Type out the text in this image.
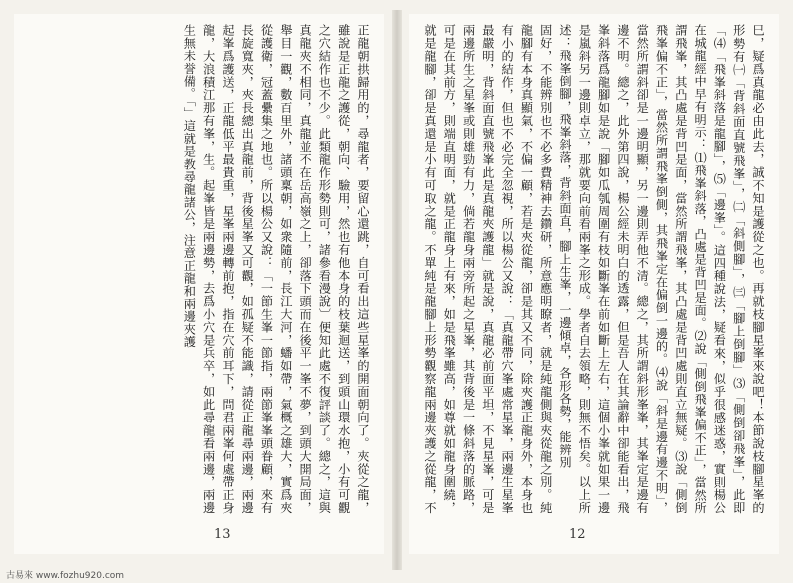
正龍朝拱歸用的，尋龍者，要留心還跳，自可看出這些星峯的開面朝向了。夾從之龍，雖說是正龍之護從，朝向、驗用，然也有他本身的枝葉迴送，到頭山環水抱，小有可觀之穴結作也不少。此類龍作形勢則可，諸參看漫說〕便知此處不復評談了。總之，這與真龍夾不相同，真龍並不在岳高嶺之上，卻落下頭而在後平一峯不夢，到頭大開局面，舉目一觀，數百里外，諸頭稟朝，如衆隨前，長江大河，蟠如帶，氣概之雄大，實爲夾從護衛，冠蓋纍集之地也。所以楊公又說：「一節生峯一節指，兩節峯峯頭眷顧，來有長旋寬夾，夾長總出真龍前，背後星峯又可觀，如孤疑不能識，請從正龍尋兩邊，兩邊起峯爲護送，正龍低平最貴重，星峯兩邊轉前抱，指在穴前耳下，問君兩峯何處帶正身龍，大浪積江那有峯，生。起峯皆是兩邊勢，去爲小穴是兵卒，如此尋龍看兩邊，兩邊生無未誉備。「」這就是教尋龍諸公，注意正龍和兩邊夾護

13

巳，疑爲真龍必由此去，誠不知是護從之也。再就枝腳星峯來說吧！本節說枝腳星峯的形勢有㈠「背斜面直號飛峯」，㈡「斜側腳」，㈢「腳上倒腳」⑶「側倒卻飛峯」，此即「⑷「飛峯斜落是龍腳」，⑸「邊峯」。這四種說法，疑看來，似乎很感迷惑，實則楊公在城龍經中早有明示：⑴飛峯斜落，凸處是背凹是面。⑵說「側倒飛峯偏不正」，當然所謂飛峯，其凸處是背凹是面，當然所謂飛峯，其凸處是背凹處則直立無疑。⑶說「側倒飛峯偏不正」，當然所謂飛峯倒側，其飛峯定在偏倒一邊的。⑷說「斜是邊有邊不明」，當然所謂斜卻是一邊明顯，另一邊則弄他不清。總之，其所謂斜形峯峯，其峯定是邊有邊不明。總之，此外第四說，楊公經未明白的透露，但是吾人在其論辭中卻能看出，飛峯斜落爲龍腳如是說「腳如瓜瓠周圍有枝如斷峯在前如斷上左右，這個小峯就如果一邊是嵐斜另一邊則卓立，那就要向前看兩峯之形成。學者自去領略，則無不悟矣。以上所述：飛峯倒腳，飛峯斜落，背斜面直，腳上生峯，一邊傾卓，各形各勢，能辨別

固好，不能辨別也不必多費精神去鑽研，所意應明瞭者，就是純龍側與夾從龍之別。純龍腳有本身真顯氣，不偏一顧，若是夾從龍，卻是其又不同，除夾護正龍身外，本身也有小的結作，但也不必完全忽視，所以楊公又說：「真龍帶穴峯處常星峯，兩邊生星峯最嚴明，背斜面直號飛峯此是真龍夾護龍」就是說，真龍必前面平坦，不見星峯，可是兩邊所生之星峯或則雄勁有力，倘若龍身兩旁所起之星峯，其背後是一條斜落的脈路，可是在其前方，則端直明面，就是正龍身上有來，如是飛峯雖高，如尊就如龍身圍繞，就是龍腳，卻是真還是小有可取之龍。不單純是龍腳上形勢觀察龍兩邊夾護之從龍，不

12
古易來 www.fozhu920.com
